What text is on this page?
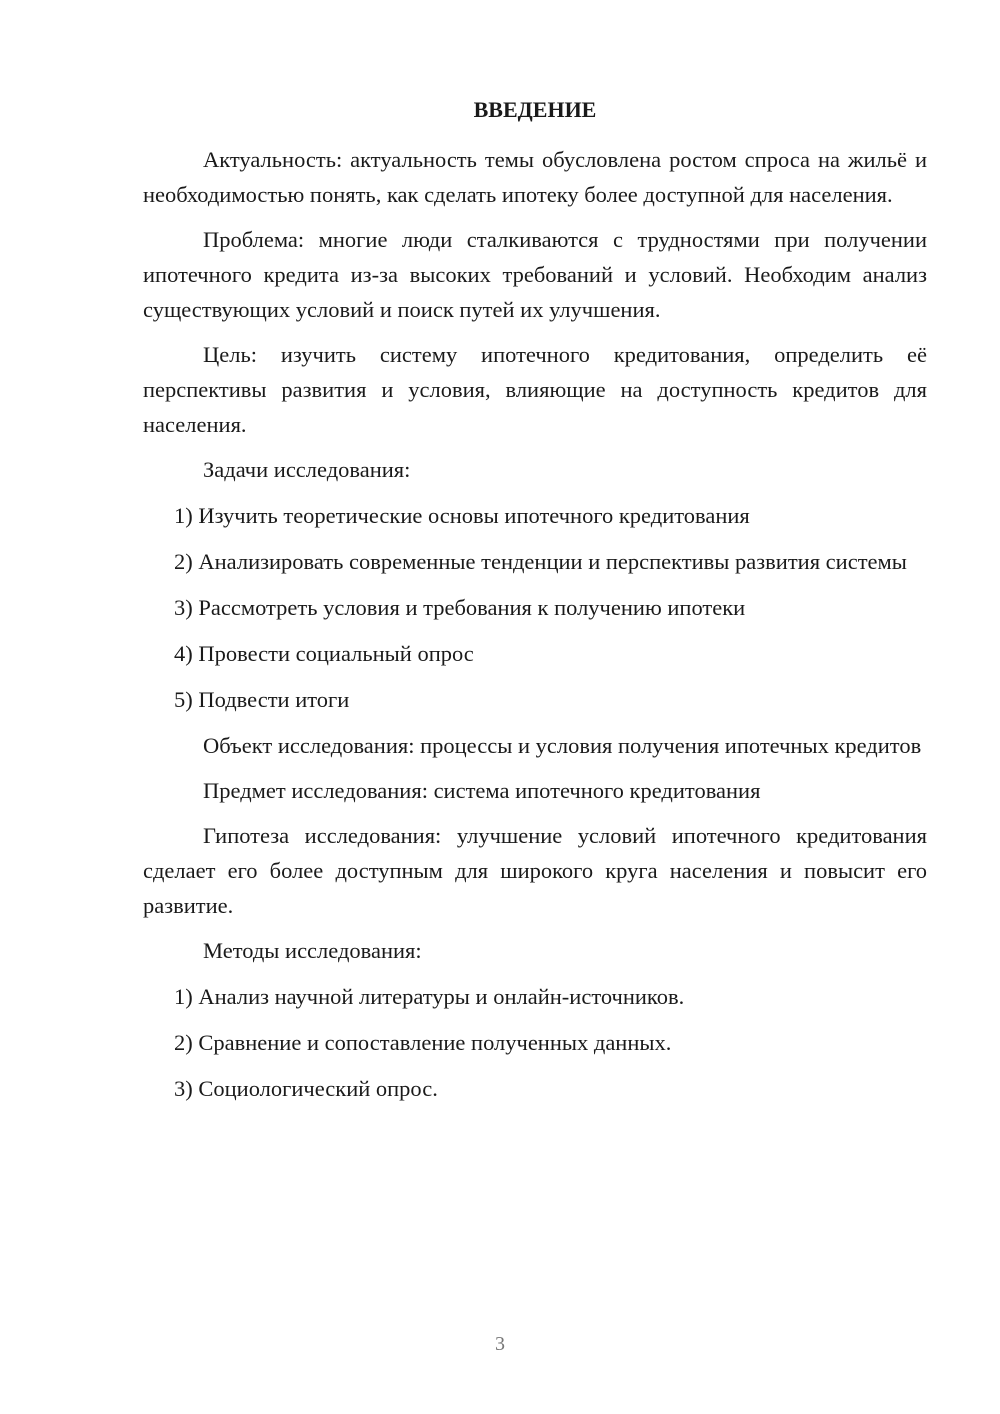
ВВЕДЕНИЕ

Актуальность: актуальность темы обусловлена ростом спроса на жильё и необходимостью понять, как сделать ипотеку более доступной для населения.

Проблема: многие люди сталкиваются с трудностями при получении ипотечного кредита из-за высоких требований и условий. Необходим анализ существующих условий и поиск путей их улучшения.

Цель: изучить систему ипотечного кредитования, определить её перспективы развития и условия, влияющие на доступность кредитов для населения.

Задачи исследования:

1) Изучить теоретические основы ипотечного кредитования

2) Анализировать современные тенденции и перспективы развития системы

3) Рассмотреть условия и требования к получению ипотеки

4) Провести социальный опрос

5) Подвести итоги

Объект исследования: процессы и условия получения ипотечных кредитов

Предмет исследования: система ипотечного кредитования

Гипотеза исследования: улучшение условий ипотечного кредитования сделает его более доступным для широкого круга населения и повысит его развитие.

Методы исследования:

1) Анализ научной литературы и онлайн-источников.

2) Сравнение и сопоставление полученных данных.

3) Социологический опрос.

3
